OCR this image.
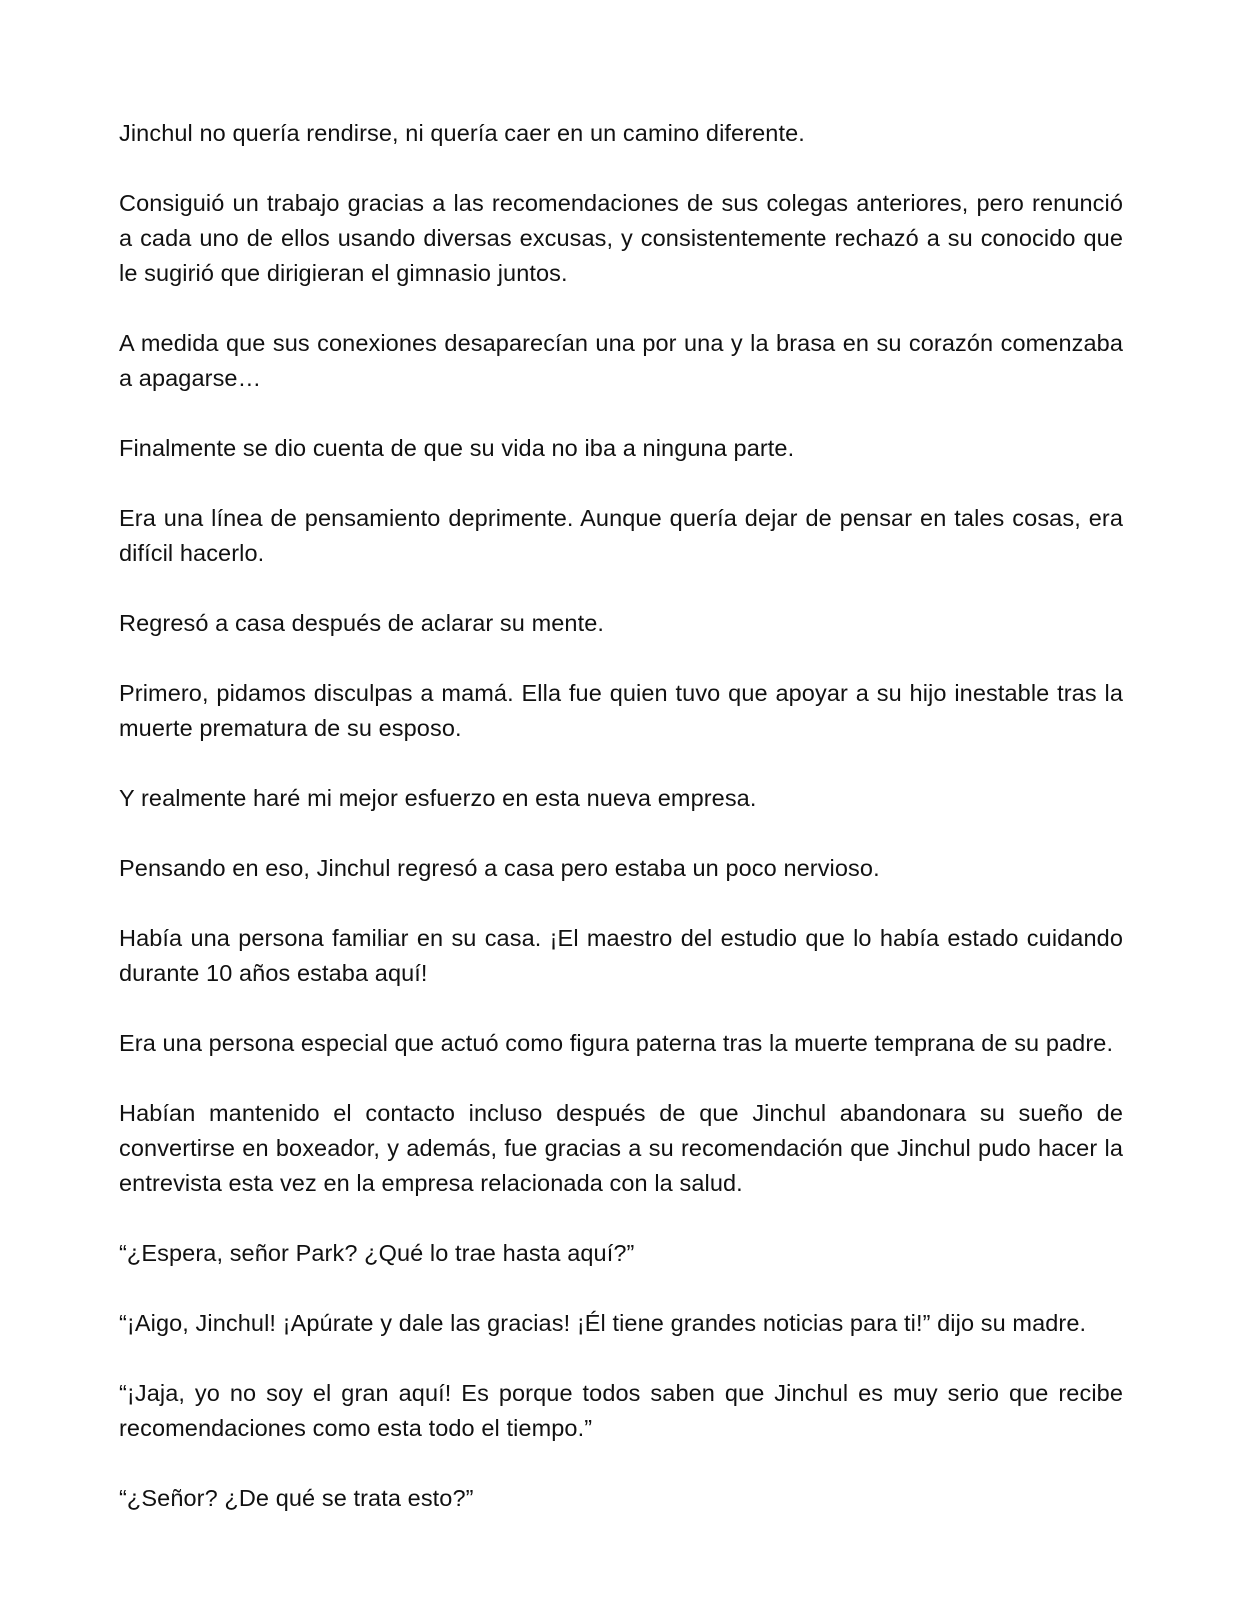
Jinchul no quería rendirse, ni quería caer en un camino diferente.

Consiguió un trabajo gracias a las recomendaciones de sus colegas anteriores, pero renunció a cada uno de ellos usando diversas excusas, y consistentemente rechazó a su conocido que le sugirió que dirigieran el gimnasio juntos.

A medida que sus conexiones desaparecían una por una y la brasa en su corazón comenzaba a apagarse…

Finalmente se dio cuenta de que su vida no iba a ninguna parte.

Era una línea de pensamiento deprimente. Aunque quería dejar de pensar en tales cosas, era difícil hacerlo.

Regresó a casa después de aclarar su mente.

Primero, pidamos disculpas a mamá. Ella fue quien tuvo que apoyar a su hijo inestable tras la muerte prematura de su esposo.

Y realmente haré mi mejor esfuerzo en esta nueva empresa.

Pensando en eso, Jinchul regresó a casa pero estaba un poco nervioso.

Había una persona familiar en su casa. ¡El maestro del estudio que lo había estado cuidando durante 10 años estaba aquí!

Era una persona especial que actuó como figura paterna tras la muerte temprana de su padre.

Habían mantenido el contacto incluso después de que Jinchul abandonara su sueño de convertirse en boxeador, y además, fue gracias a su recomendación que Jinchul pudo hacer la entrevista esta vez en la empresa relacionada con la salud.

“¿Espera, señor Park? ¿Qué lo trae hasta aquí?”

“¡Aigo, Jinchul! ¡Apúrate y dale las gracias! ¡Él tiene grandes noticias para ti!” dijo su madre.

“¡Jaja, yo no soy el gran aquí! Es porque todos saben que Jinchul es muy serio que recibe recomendaciones como esta todo el tiempo.”

“¿Señor? ¿De qué se trata esto?”
